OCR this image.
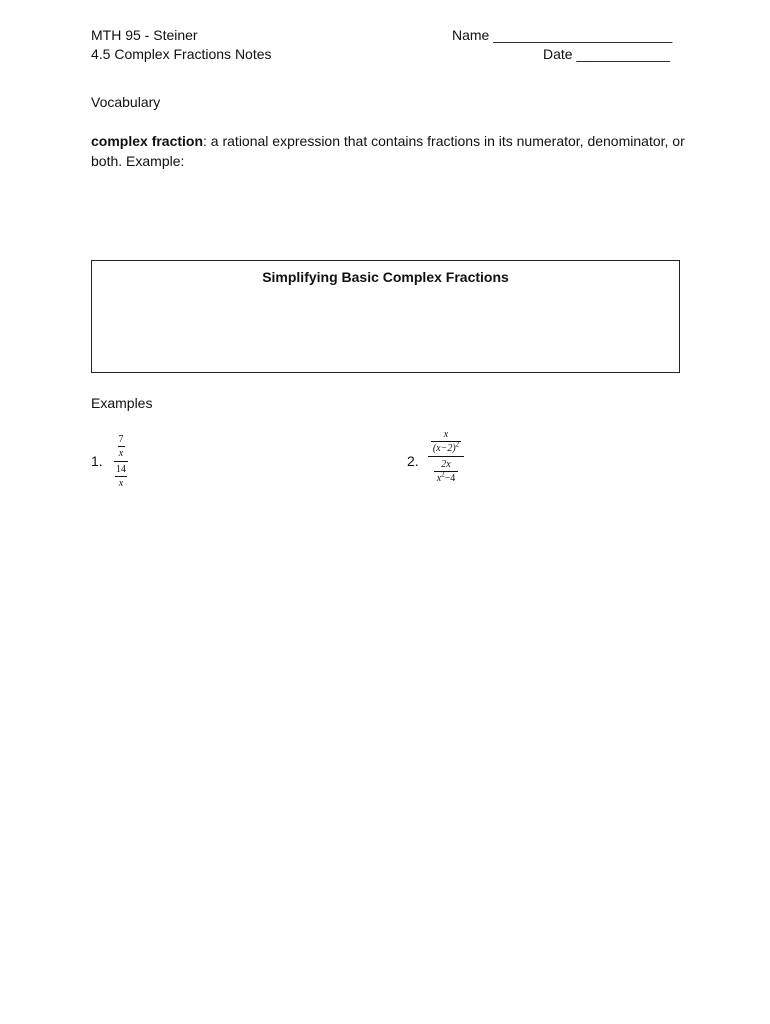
MTH 95 - Steiner
4.5 Complex Fractions Notes
Name _______________________
Date ____________
Vocabulary
complex fraction: a rational expression that contains fractions in its numerator, denominator, or
both. Example:
Simplifying Basic Complex Fractions
Examples
1.
7
x
14
x
2.
x
$(x-2)^2$
2x
$x^2-4$
